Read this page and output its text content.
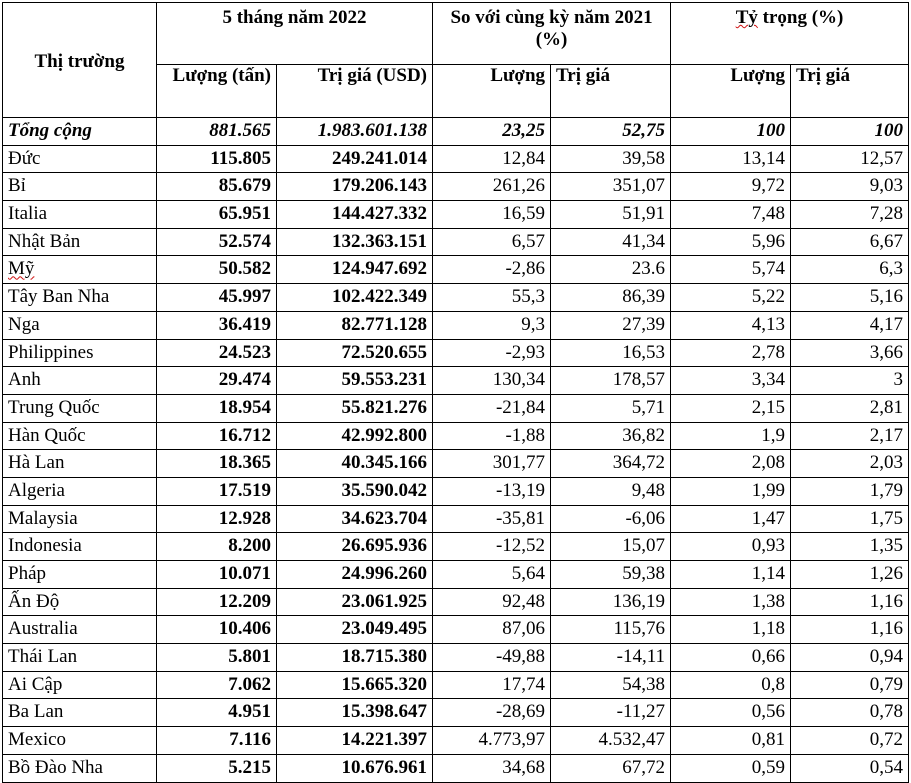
Thị trường	5 tháng năm 2022		So với cùng kỳ năm 2021 (%)		Tỷ trọng (%)	
	Lượng (tấn)	Trị giá (USD)	Lượng	Trị giá	Lượng	Trị giá
Tổng cộng	881.565	1.983.601.138	23,25	52,75	100	100
Đức	115.805	249.241.014	12,84	39,58	13,14	12,57
Bỉ	85.679	179.206.143	261,26	351,07	9,72	9,03
Italia	65.951	144.427.332	16,59	51,91	7,48	7,28
Nhật Bản	52.574	132.363.151	6,57	41,34	5,96	6,67
Mỹ	50.582	124.947.692	-2,86	23.6	5,74	6,3
Tây Ban Nha	45.997	102.422.349	55,3	86,39	5,22	5,16
Nga	36.419	82.771.128	9,3	27,39	4,13	4,17
Philippines	24.523	72.520.655	-2,93	16,53	2,78	3,66
Anh	29.474	59.553.231	130,34	178,57	3,34	3
Trung Quốc	18.954	55.821.276	-21,84	5,71	2,15	2,81
Hàn Quốc	16.712	42.992.800	-1,88	36,82	1,9	2,17
Hà Lan	18.365	40.345.166	301,77	364,72	2,08	2,03
Algeria	17.519	35.590.042	-13,19	9,48	1,99	1,79
Malaysia	12.928	34.623.704	-35,81	-6,06	1,47	1,75
Indonesia	8.200	26.695.936	-12,52	15,07	0,93	1,35
Pháp	10.071	24.996.260	5,64	59,38	1,14	1,26
Ấn Độ	12.209	23.061.925	92,48	136,19	1,38	1,16
Australia	10.406	23.049.495	87,06	115,76	1,18	1,16
Thái Lan	5.801	18.715.380	-49,88	-14,11	0,66	0,94
Ai Cập	7.062	15.665.320	17,74	54,38	0,8	0,79
Ba Lan	4.951	15.398.647	-28,69	-11,27	0,56	0,78
Mexico	7.116	14.221.397	4.773,97	4.532,47	0,81	0,72
Bồ Đào Nha	5.215	10.676.961	34,68	67,72	0,59	0,54
